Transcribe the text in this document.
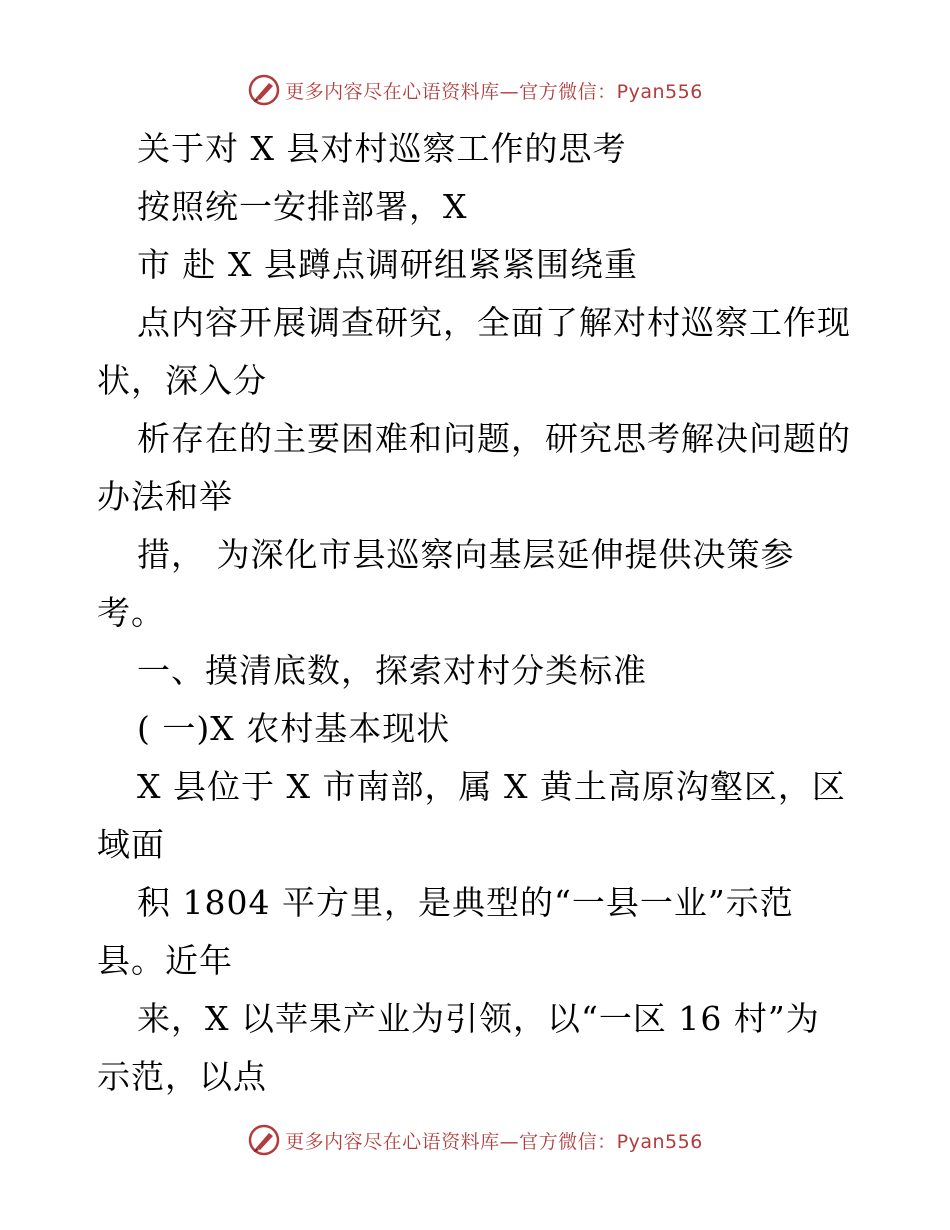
更多内容尽在心语资料库—官方微信：Pyan556
关于对 X 县对村巡察工作的思考
按照统一安排部署，X
市 赴 X 县蹲点调研组紧紧围绕重
点内容开展调查研究，全面了解对村巡察工作现
状，深入分
析存在的主要困难和问题，研究思考解决问题的
办法和举
措， 为深化市县巡察向基层延伸提供决策参
考。
一、摸清底数，探索对村分类标准
( 一)X 农村基本现状
X 县位于 X 市南部，属 X 黄土高原沟壑区，区
域面
积 1804 平方里，是典型的“一县一业”示范
县。近年
来，X 以苹果产业为引领，以“一区 16 村”为
示范，以点
更多内容尽在心语资料库—官方微信：Pyan556
